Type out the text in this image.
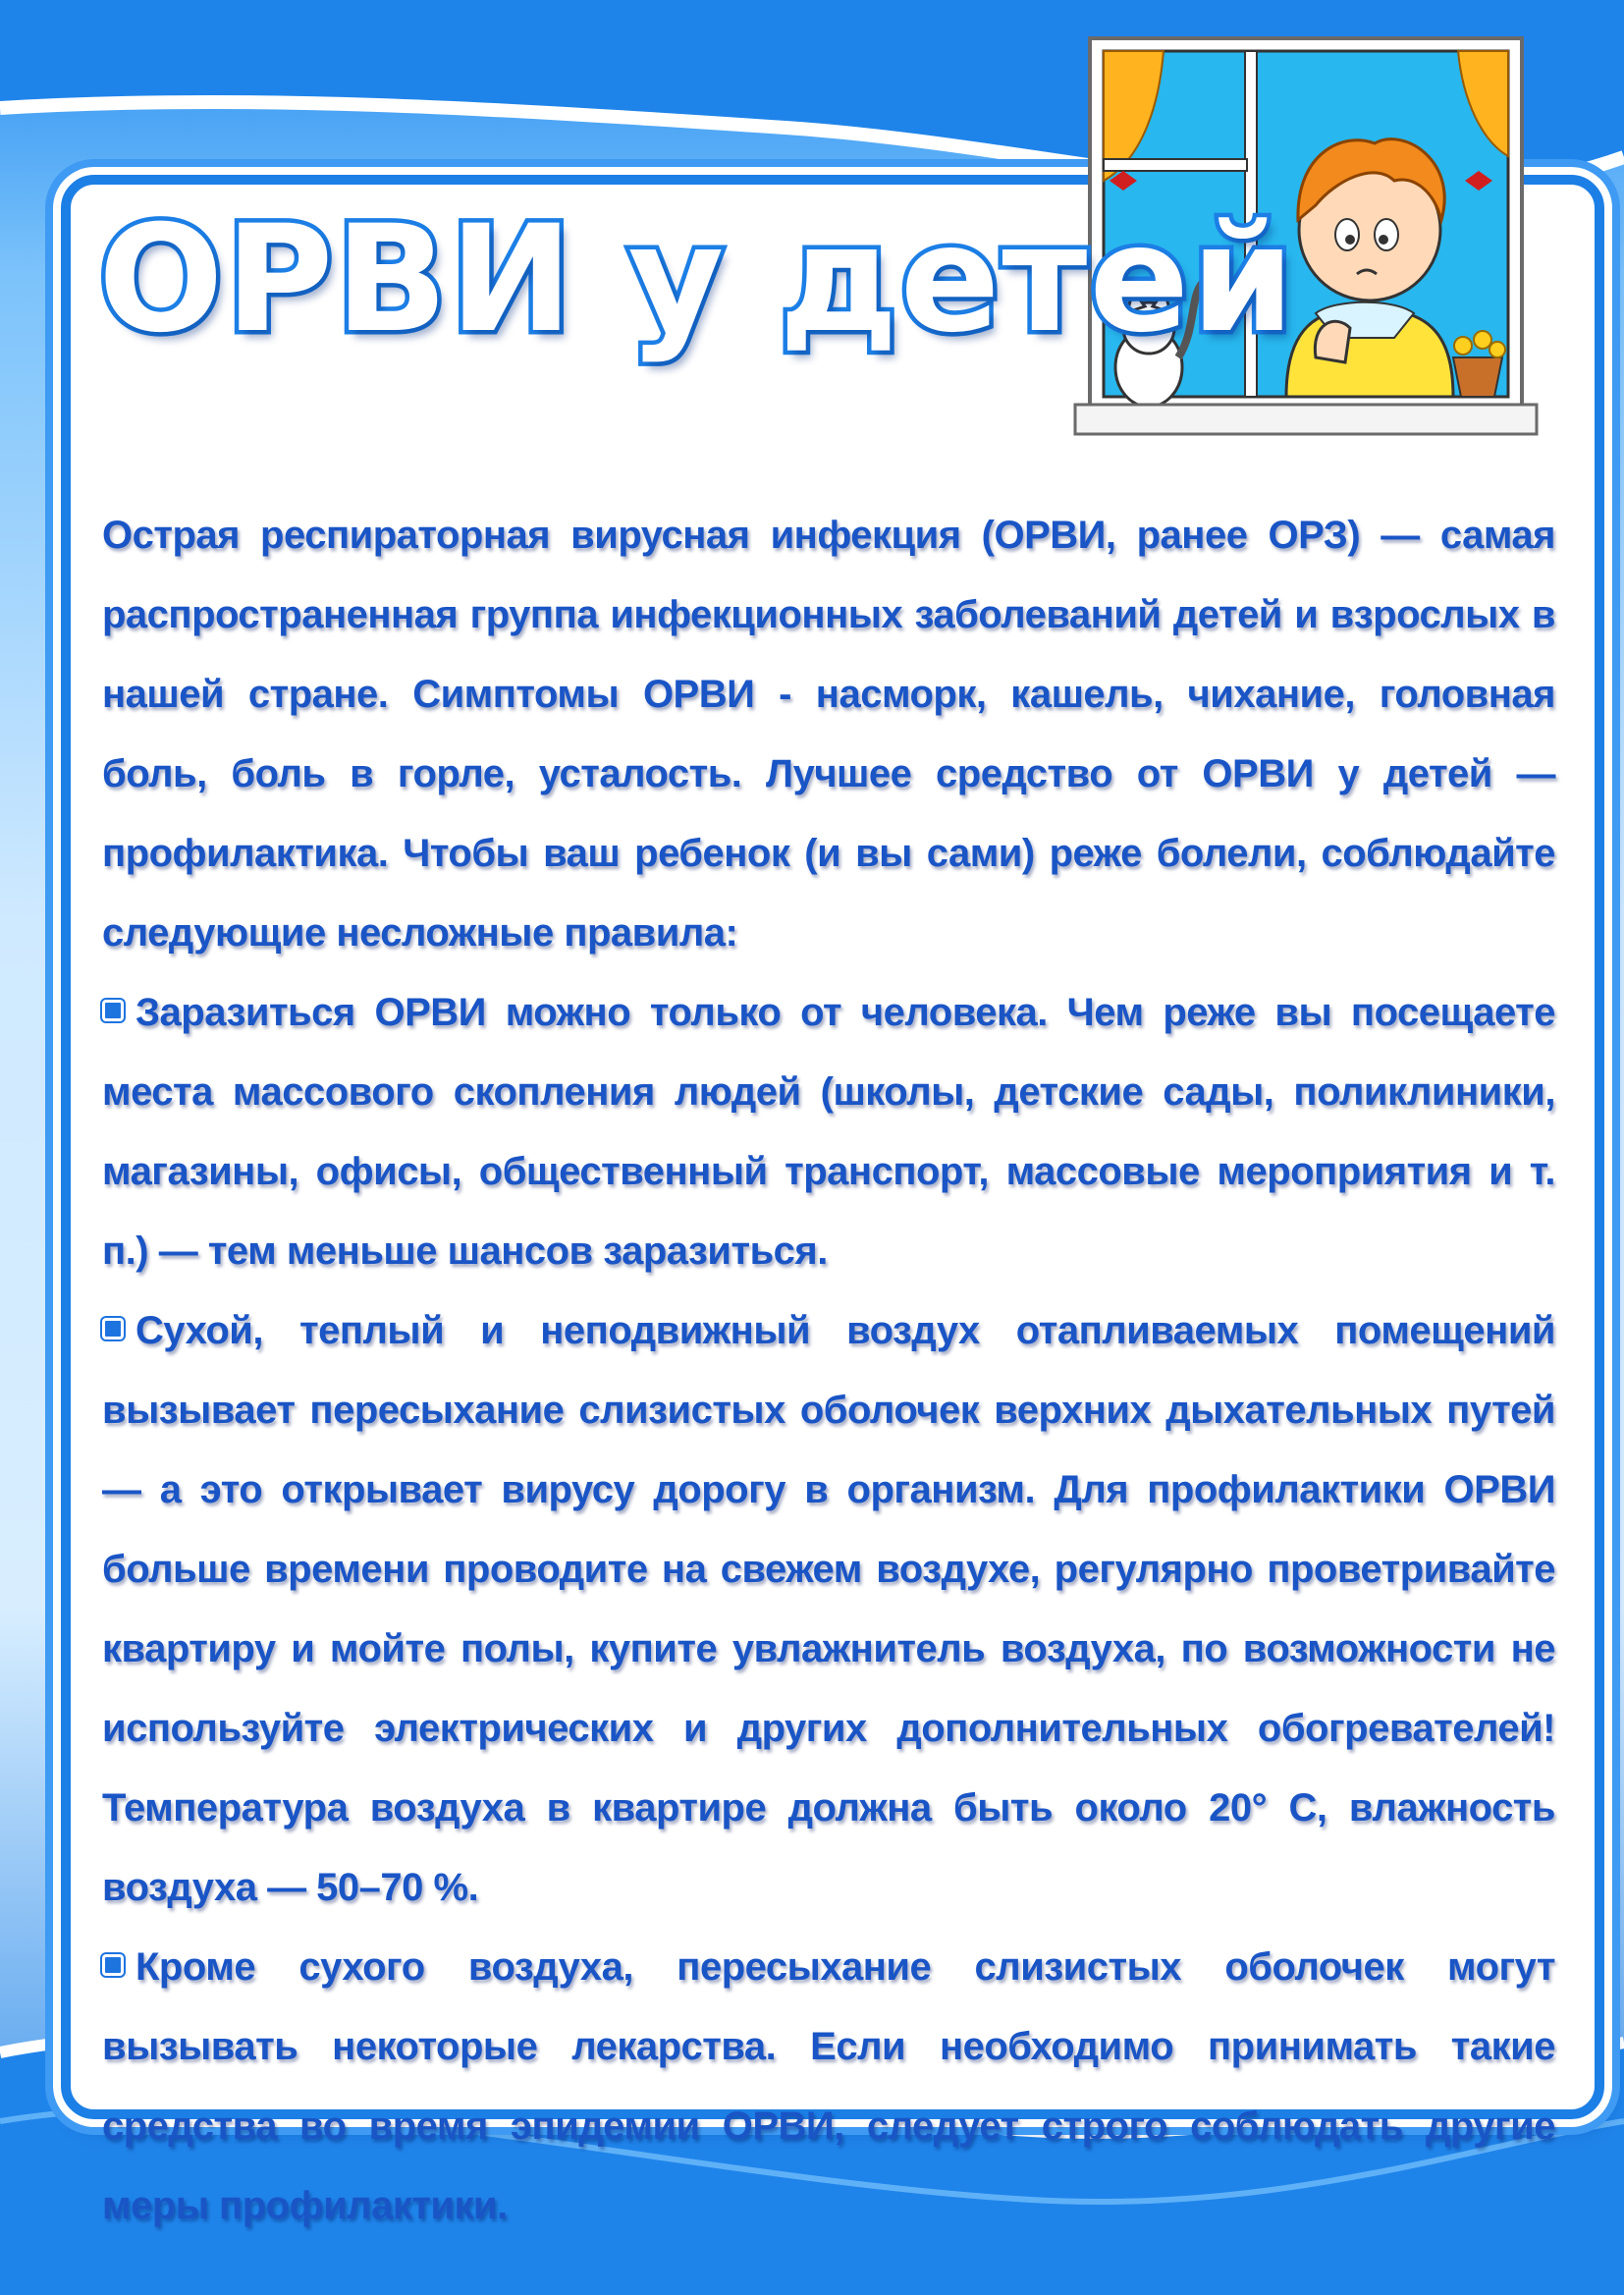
ОРВИ у детей

Острая респираторная вирусная инфекция (ОРВИ, ранее ОРЗ) — самая распространенная группа инфекционных заболеваний детей и взрослых в нашей стране. Симптомы ОРВИ - насморк, кашель, чихание, головная боль, боль в горле, усталость. Лучшее средство от ОРВИ у детей — профилактика. Чтобы ваш ребенок (и вы сами) реже болели, соблюдайте следующие несложные правила:

Заразиться ОРВИ можно только от человека. Чем реже вы посещаете места массового скопления людей (школы, детские сады, поликлиники, магазины, офисы, общественный транспорт, массовые мероприятия и т. п.) — тем меньше шансов заразиться.

Сухой, теплый и неподвижный воздух отапливаемых помещений вызывает пересыхание слизистых оболочек верхних дыхательных путей — а это открывает вирусу дорогу в организм. Для профилактики ОРВИ больше времени проводите на свежем воздухе, регулярно проветривайте квартиру и мойте полы, купите увлажнитель воздуха, по возможности не используйте электрических и других дополнительных обогревателей! Температура воздуха в квартире должна быть около 20° С, влажность воздуха — 50–70 %.

Кроме сухого воздуха, пересыхание слизистых оболочек могут вызывать некоторые лекарства. Если необходимо принимать такие средства во время эпидемии ОРВИ, следует строго соблюдать другие меры профилактики.
